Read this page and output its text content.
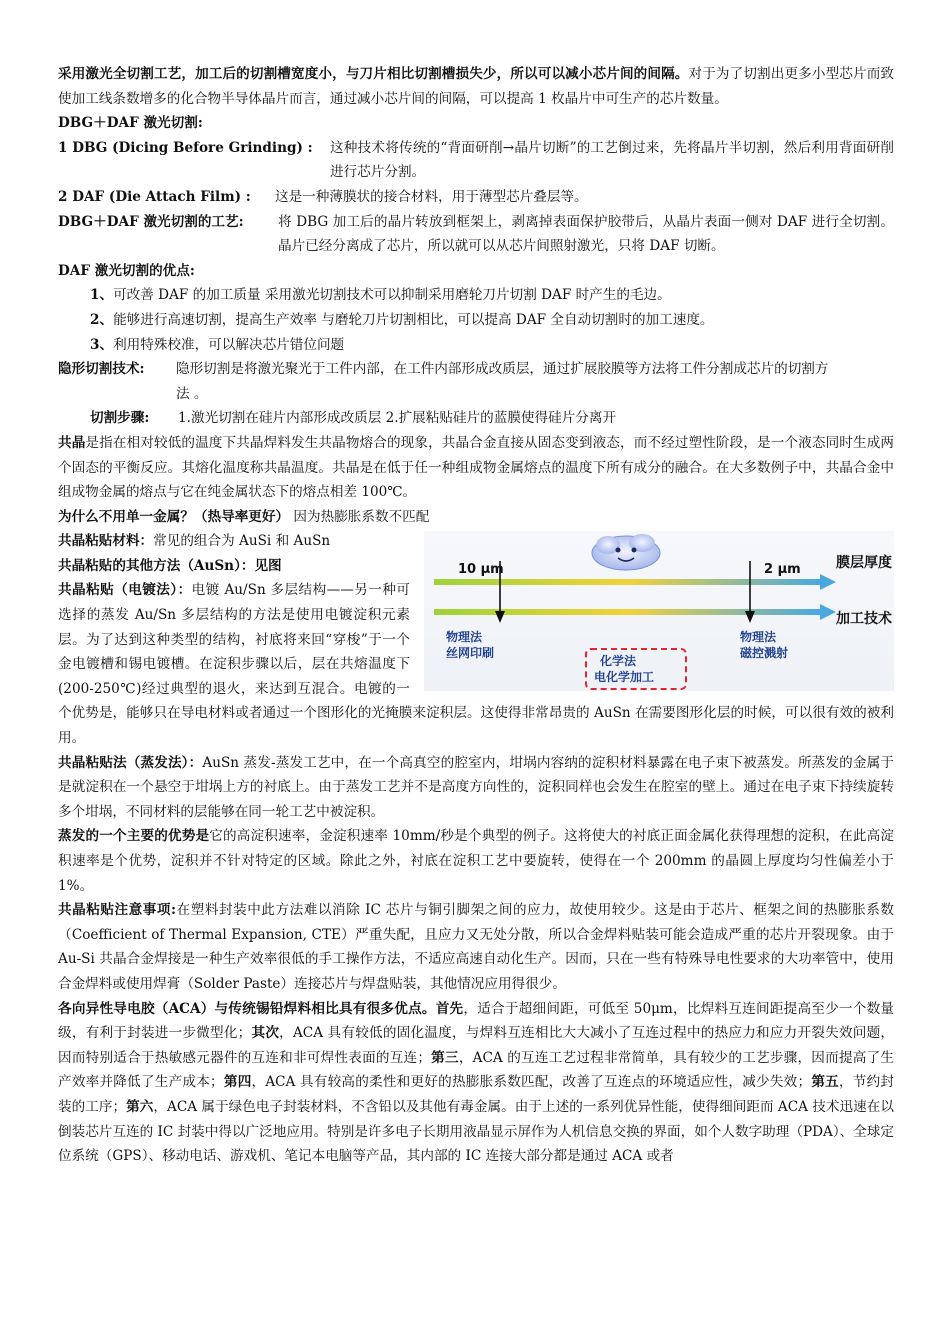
采用激光全切割工艺，加工后的切割槽宽度小，与刀片相比切割槽损失少，所以可以减小芯片间的间隔。对于为了切割出更多小型芯片而致使加工线条数增多的化合物半导体晶片而言，通过减小芯片间的间隔，可以提高 1 枚晶片中可生产的芯片数量。

DBG＋DAF 激光切割:

1 DBG (Dicing Before Grinding) :	这种技术将传统的“背面研削→晶片切断”的工艺倒过来，先将晶片半切割，然后利用背面研削进行芯片分割。
2 DAF (Die Attach Film) :	这是一种薄膜状的接合材料，用于薄型芯片叠层等。
DBG＋DAF 激光切割的工艺:	将 DBG 加工后的晶片转放到框架上，剥离掉表面保护胶带后，从晶片表面一侧对 DAF 进行全切割。晶片已经分离成了芯片，所以就可以从芯片间照射激光，只将 DAF 切断。

DAF 激光切割的优点:

1、可改善 DAF 的加工质量 采用激光切割技术可以抑制采用磨轮刀片切割 DAF 时产生的毛边。
2、能够进行高速切割，提高生产效率 与磨轮刀片切割相比，可以提高 DAF 全自动切割时的加工速度。
3、利用特殊校准，可以解决芯片错位问题
隐形切割技术:	隐形切割是将激光聚光于工件内部，在工件内部形成改质层，通过扩展胶膜等方法将工件分割成芯片的切割方法 。
切割步骤:	1.激光切割在硅片内部形成改质层 2.扩展粘贴硅片的蓝膜使得硅片分离开

共晶是指在相对较低的温度下共晶焊料发生共晶物熔合的现象，共晶合金直接从固态变到液态，而不经过塑性阶段，是一个液态同时生成两个固态的平衡反应。其熔化温度称共晶温度。共晶是在低于任一种组成物金属熔点的温度下所有成分的融合。在大多数例子中，共晶合金中组成物金属的熔点与它在纯金属状态下的熔点相差 100℃。

为什么不用单一金属？（热导率更好） 因为热膨胀系数不匹配

10 μm	2 μm	膜层厚度
加工技术
物理法
丝网印刷
物理法
磁控溅射
化学法
电化学加工

共晶粘贴材料：常见的组合为 AuSi 和 AuSn

共晶粘贴的其他方法（AuSn）：见图

共晶粘贴（电镀法）：电镀 Au/Sn 多层结构——另一种可选择的蒸发 Au/Sn 多层结构的方法是使用电镀淀积元素层。为了达到这种类型的结构，衬底将来回“穿梭”于一个金电镀槽和锡电镀槽。在淀积步骤以后，层在共熔温度下(200-250℃)经过典型的退火，来达到互混合。电镀的一个优势是，能够只在导电材料或者通过一个图形化的光掩膜来淀积层。这使得非常昂贵的 AuSn 在需要图形化层的时候，可以很有效的被利用。

共晶粘贴法（蒸发法）：AuSn 蒸发-蒸发工艺中，在一个高真空的腔室内，坩埚内容纳的淀积材料暴露在电子束下被蒸发。所蒸发的金属于是就淀积在一个悬空于坩埚上方的衬底上。由于蒸发工艺并不是高度方向性的，淀积同样也会发生在腔室的壁上。通过在电子束下持续旋转多个坩埚，不同材料的层能够在同一轮工艺中被淀积。

蒸发的一个主要的优势是它的高淀积速率，金淀积速率 10mm/秒是个典型的例子。这将使大的衬底正面金属化获得理想的淀积，在此高淀积速率是个优势，淀积并不针对特定的区域。除此之外，衬底在淀积工艺中要旋转，使得在一个 200mm 的晶圆上厚度均匀性偏差小于 1%。

共晶粘贴注意事项:在塑料封装中此方法难以消除 IC 芯片与铜引脚架之间的应力，故使用较少。这是由于芯片、框架之间的热膨胀系数（Coefficient of Thermal Expansion, CTE）严重失配，且应力又无处分散，所以合金焊料贴装可能会造成严重的芯片开裂现象。由于 Au-Si 共晶合金焊接是一种生产效率很低的手工操作方法，不适应高速自动化生产。因而，只在一些有特殊导电性要求的大功率管中，使用合金焊料或使用焊膏（Solder Paste）连接芯片与焊盘贴装，其他情况应用得很少。

各向异性导电胶（ACA）与传统锡铅焊料相比具有很多优点。首先，适合于超细间距，可低至 50μm，比焊料互连间距提高至少一个数量级，有利于封装进一步微型化；其次，ACA 具有较低的固化温度，与焊料互连相比大大减小了互连过程中的热应力和应力开裂失效问题，因而特别适合于热敏感元器件的互连和非可焊性表面的互连；第三，ACA 的互连工艺过程非常简单，具有较少的工艺步骤，因而提高了生产效率并降低了生产成本；第四，ACA 具有较高的柔性和更好的热膨胀系数匹配，改善了互连点的环境适应性，减少失效；第五，节约封装的工序；第六，ACA 属于绿色电子封装材料，不含铅以及其他有毒金属。由于上述的一系列优异性能，使得细间距而 ACA 技术迅速在以倒装芯片互连的 IC 封装中得以广泛地应用。特别是许多电子长期用液晶显示屏作为人机信息交换的界面，如个人数字助理（PDA）、全球定位系统（GPS）、移动电话、游戏机、笔记本电脑等产品，其内部的 IC 连接大部分都是通过 ACA 或者
